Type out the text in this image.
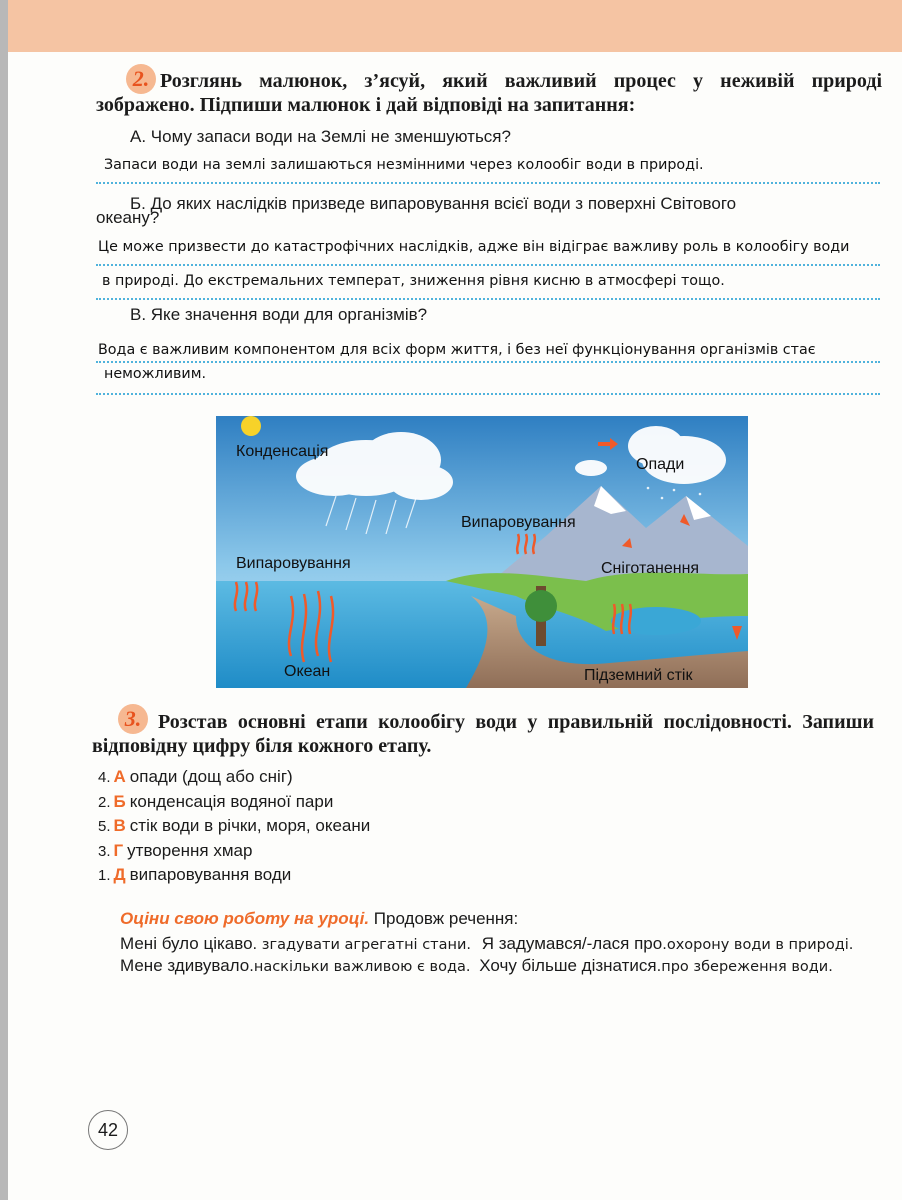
2. Розглянь малюнок, з’ясуй, який важливий процес у неживій природі зображено. Підпиши малюнок і дай відповіді на запитання:
А. Чому запаси води на Землі не зменшуються?
Запаси води на землі залишаються незмінними через колообіг води в природі.
Б. До яких наслідків призведе випаровування всієї води з поверхні Світового
океану?
Це може призвести до катастрофічних наслідків, адже він відіграє важливу роль в колообігу води
в природі. До екстремальних температ, зниження рівня кисню в атмосфері тощо.
В. Яке значення води для організмів?
Вода є важливим компонентом для всіх форм життя, і без неї функціонування організмів стає
неможливим.
Конденсація
Опади
Випаровування
Випаровування	Сніготанення
Океан	Підземний стік
3. Розстав основні етапи колообігу води у правильній послідовності. Запиши відповідну цифру біля кожного етапу.
4. А опади (дощ або сніг)
2. Б конденсація водяної пари
5. В стік води в річки, моря, океани
3. Г утворення хмар
1. Д випаровування води
Оціни свою роботу на уроці. Продовж речення:
Мені було цікаво. згадувати агрегатні стани. Я задумався/-лася про.охорону води в природі.
Мене здивувало.наскільки важливою є вода. Хочу більше дізнатися.про збереження води.
42
